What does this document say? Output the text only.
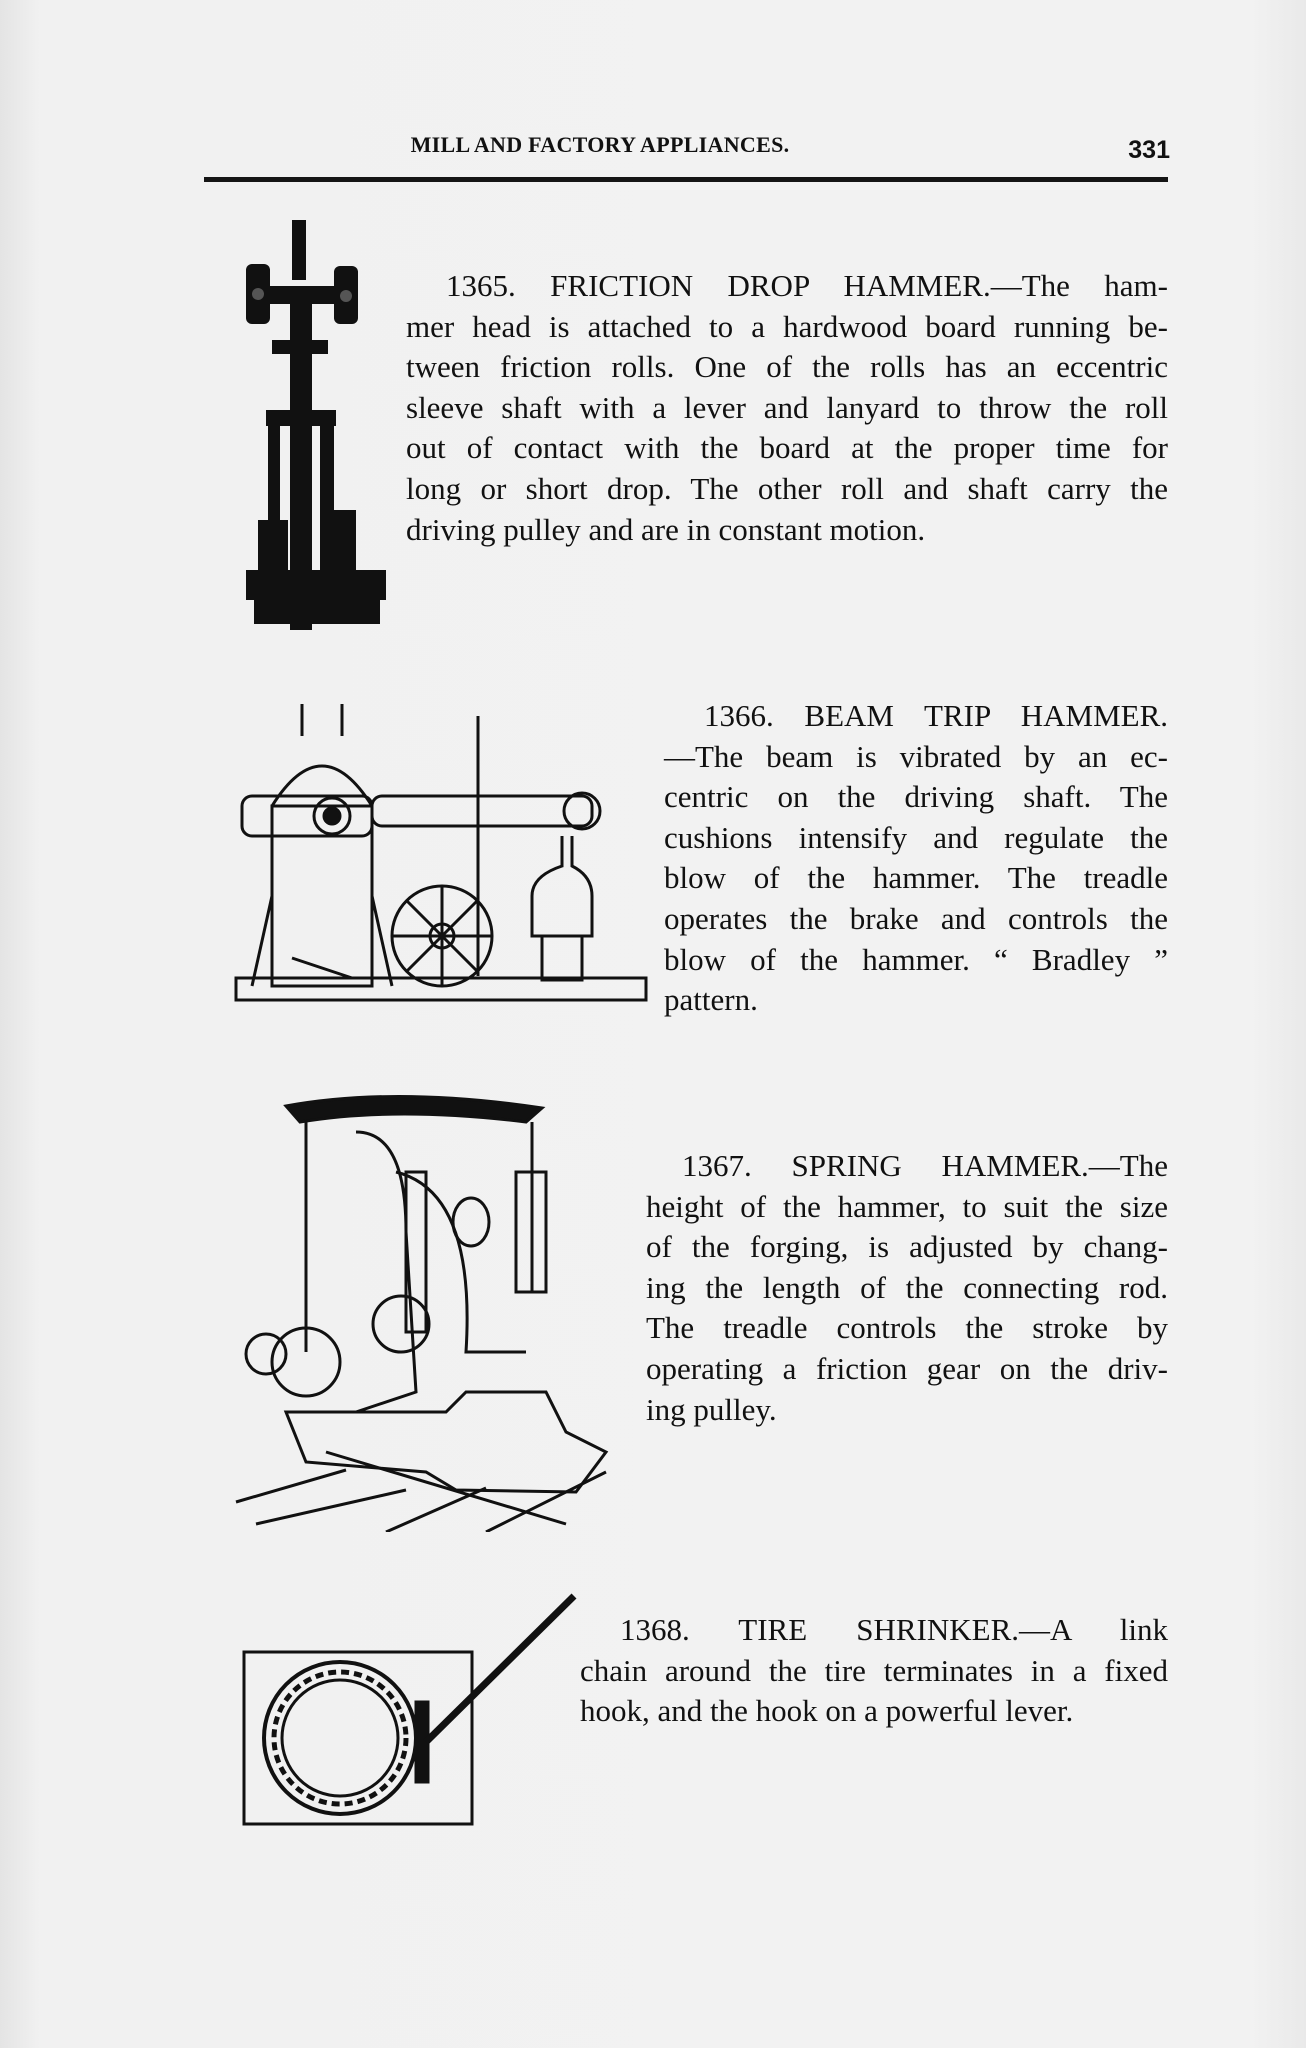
MILL AND FACTORY APPLIANCES.	331
1365. FRICTION DROP HAMMER.—The ham-
mer head is attached to a hardwood board running be-
tween friction rolls. One of the rolls has an eccentric
sleeve shaft with a lever and lanyard to throw the roll
out of contact with the board at the proper time for
long or short drop. The other roll and shaft carry the
driving pulley and are in constant motion.
1366. BEAM TRIP HAMMER.
—The beam is vibrated by an ec-
centric on the driving shaft. The
cushions intensify and regulate the
blow of the hammer. The treadle
operates the brake and controls the
blow of the hammer. “ Bradley ”
pattern.
1367. SPRING HAMMER.—The
height of the hammer, to suit the size
of the forging, is adjusted by chang-
ing the length of the connecting rod.
The treadle controls the stroke by
operating a friction gear on the driv-
ing pulley.
1368. TIRE SHRINKER.—A link
chain around the tire terminates in a fixed
hook, and the hook on a powerful lever.
